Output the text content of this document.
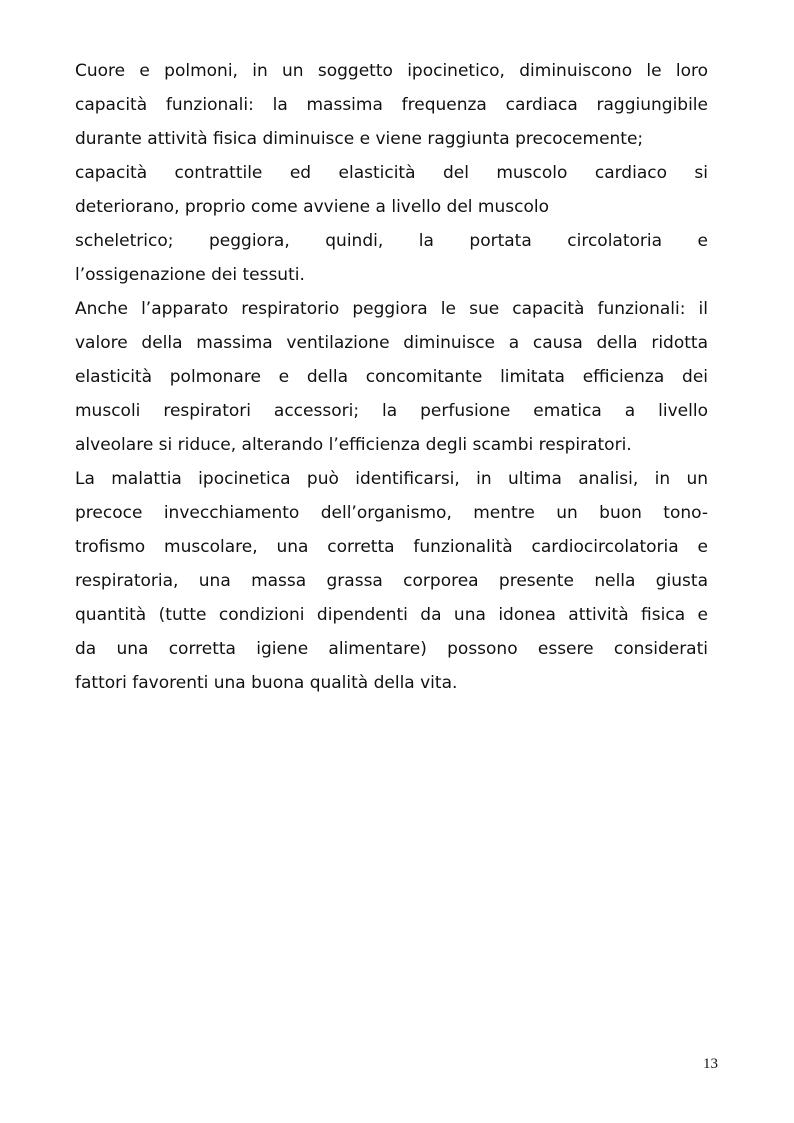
Cuore e polmoni, in un soggetto ipocinetico, diminuiscono le loro
capacità funzionali: la massima frequenza cardiaca raggiungibile
durante attività fisica diminuisce e viene raggiunta precocemente;
capacità contrattile ed elasticità del muscolo cardiaco si
deteriorano, proprio come avviene a livello del muscolo
scheletrico; peggiora, quindi, la portata circolatoria e
l’ossigenazione dei tessuti.
Anche l’apparato respiratorio peggiora le sue capacità funzionali: il
valore della massima ventilazione diminuisce a causa della ridotta
elasticità polmonare e della concomitante limitata efficienza dei
muscoli respiratori accessori; la perfusione ematica a livello
alveolare si riduce, alterando l’efficienza degli scambi respiratori.
La malattia ipocinetica può identificarsi, in ultima analisi, in un
precoce invecchiamento dell’organismo, mentre un buon tono-
trofismo muscolare, una corretta funzionalità cardiocircolatoria e
respiratoria, una massa grassa corporea presente nella giusta
quantità (tutte condizioni dipendenti da una idonea attività fisica e
da una corretta igiene alimentare) possono essere considerati
fattori favorenti una buona qualità della vita.
13
